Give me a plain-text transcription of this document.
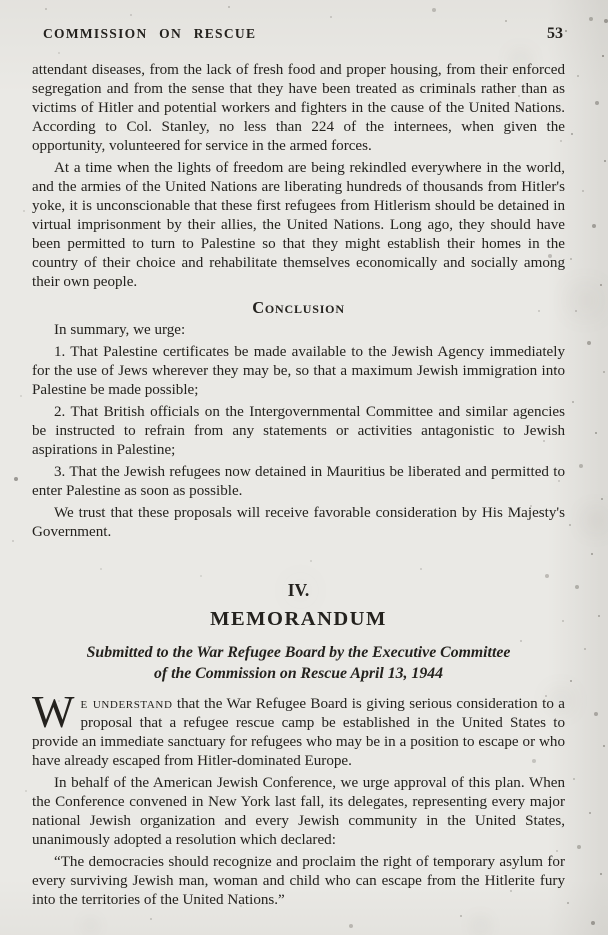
COMMISSION ON RESCUE	53

attendant diseases, from the lack of fresh food and proper housing, from their enforced segregation and from the sense that they have been treated as criminals rather than as victims of Hitler and potential workers and fighters in the cause of the United Nations. According to Col. Stanley, no less than 224 of the internees, when given the opportunity, volunteered for service in the armed forces.

At a time when the lights of freedom are being rekindled everywhere in the world, and the armies of the United Nations are liberating hundreds of thousands from Hitler's yoke, it is unconscionable that these first refugees from Hitlerism should be detained in virtual imprisonment by their allies, the United Nations. Long ago, they should have been permitted to turn to Palestine so that they might establish their homes in the country of their choice and rehabilitate themselves economically and socially among their own people.

Conclusion

In summary, we urge:

1. That Palestine certificates be made available to the Jewish Agency immediately for the use of Jews wherever they may be, so that a maximum Jewish immigration into Palestine be made possible;

2. That British officials on the Intergovernmental Committee and similar agencies be instructed to refrain from any statements or activities antagonistic to Jewish aspirations in Palestine;

3. That the Jewish refugees now detained in Mauritius be liberated and permitted to enter Palestine as soon as possible.

We trust that these proposals will receive favorable consideration by His Majesty's Government.

IV.
MEMORANDUM
Submitted to the War Refugee Board by the Executive Committee
of the Commission on Rescue April 13, 1944

We understand that the War Refugee Board is giving serious consideration to a proposal that a refugee rescue camp be established in the United States to provide an immediate sanctuary for refugees who may be in a position to escape or who have already escaped from Hitler-dominated Europe.

In behalf of the American Jewish Conference, we urge approval of this plan. When the Conference convened in New York last fall, its delegates, representing every major national Jewish organization and every Jewish community in the United States, unanimously adopted a resolution which declared:

“The democracies should recognize and proclaim the right of temporary asylum for every surviving Jewish man, woman and child who can escape from the Hitlerite fury into the territories of the United Nations.”
